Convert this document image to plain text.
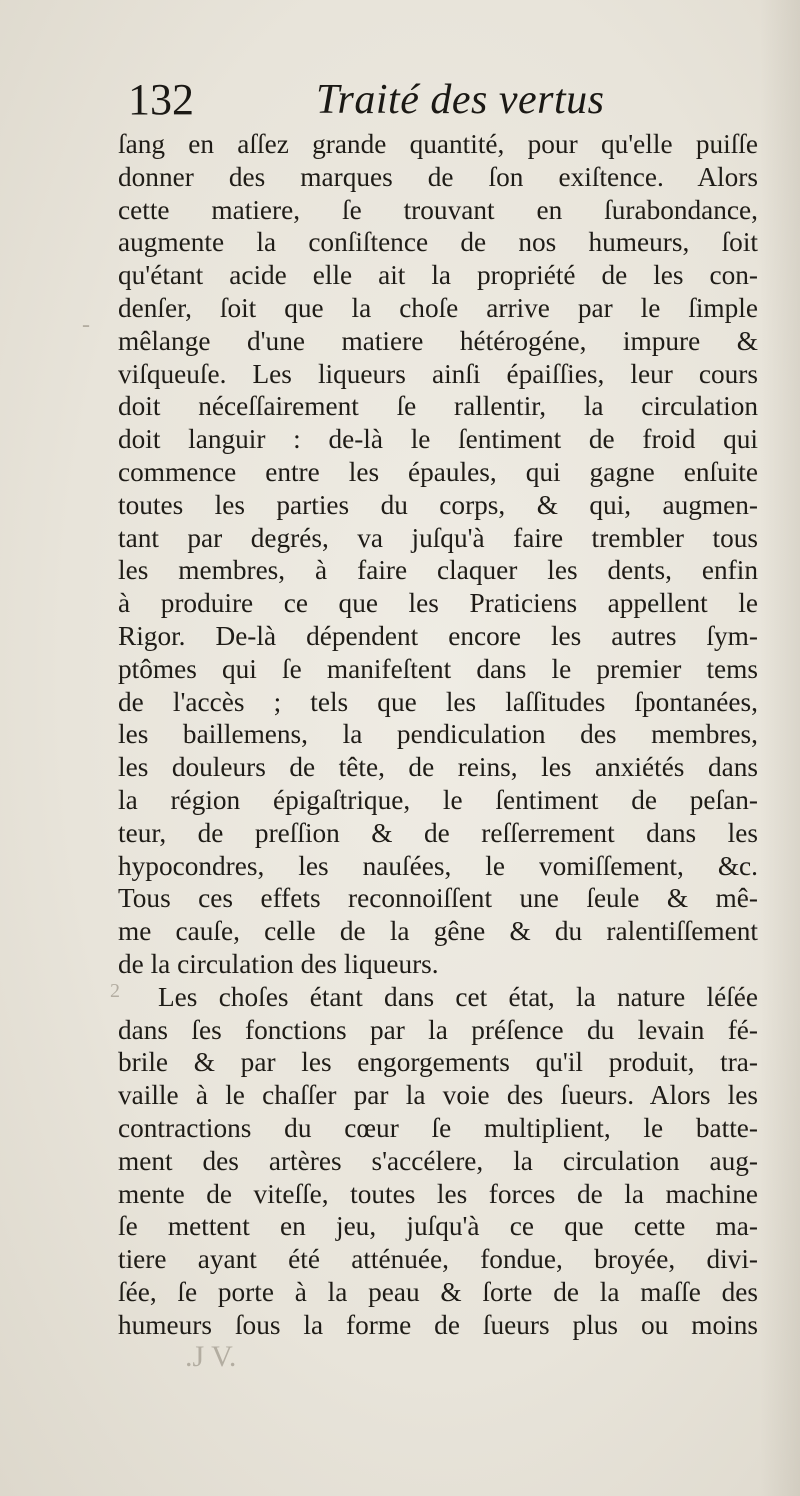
132	Traité des vertus
ſang en aſſez grande quantité, pour qu'elle puiſſe
donner des marques de ſon exiſtence. Alors
cette matiere, ſe trouvant en ſurabondance,
augmente la conſiſtence de nos humeurs, ſoit
qu'étant acide elle ait la propriété de les con-
denſer, ſoit que la choſe arrive par le ſimple
mêlange d'une matiere hétérogéne, impure &
viſqueuſe. Les liqueurs ainſi épaiſſies, leur cours
doit néceſſairement ſe rallentir, la circulation
doit languir : de-là le ſentiment de froid qui
commence entre les épaules, qui gagne enſuite
toutes les parties du corps, & qui, augmen-
tant par degrés, va juſqu'à faire trembler tous
les membres, à faire claquer les dents, enfin
à produire ce que les Praticiens appellent le
Rigor. De-là dépendent encore les autres ſym-
ptômes qui ſe manifeſtent dans le premier tems
de l'accès ; tels que les laſſitudes ſpontanées,
les baillemens, la pendiculation des membres,
les douleurs de tête, de reins, les anxiétés dans
la région épigaſtrique, le ſentiment de peſan-
teur, de preſſion & de reſſerrement dans les
hypocondres, les nauſées, le vomiſſement, &c.
Tous ces effets reconnoiſſent une ſeule & mê-
me cauſe, celle de la gêne & du ralentiſſement
de la circulation des liqueurs.
Les choſes étant dans cet état, la nature léſée
dans ſes fonctions par la préſence du levain fé-
brile & par les engorgements qu'il produit, tra-
vaille à le chaſſer par la voie des ſueurs. Alors les
contractions du cœur ſe multiplient, le batte-
ment des artères s'accélere, la circulation aug-
mente de viteſſe, toutes les forces de la machine
ſe mettent en jeu, juſqu'à ce que cette ma-
tiere ayant été atténuée, fondue, broyée, divi-
ſée, ſe porte à la peau & ſorte de la maſſe des
humeurs ſous la forme de ſueurs plus ou moins
-
2
.J V.
